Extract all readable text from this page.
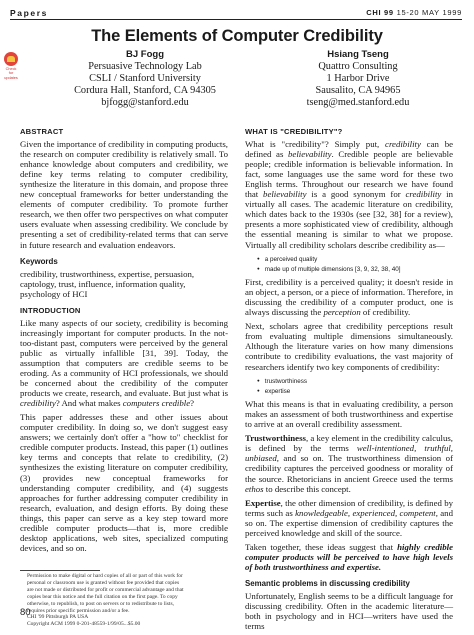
Papers	CHI 99 15-20 MAY 1999
Check for
updates
The Elements of Computer Credibility
BJ Fogg
Persuasive Technology Lab
CSLI / Stanford University
Cordura Hall, Stanford, CA 94305
bjfogg@stanford.edu
Hsiang Tseng
Quattro Consulting
1 Harbor Drive
Sausalito, CA 94965
tseng@med.stanford.edu
ABSTRACT

Given the importance of credibility in computing products, the research on computer credibility is relatively small. To enhance knowledge about computers and credibility, we define key terms relating to computer credibility, synthesize the literature in this domain, and propose three new conceptual frameworks for better understanding the elements of computer credibility. To promote further research, we then offer two perspectives on what computer users evaluate when assessing credibility. We conclude by presenting a set of credibility-related terms that can serve in future research and evaluation endeavors.

Keywords

credibility, trustworthiness, expertise, persuasion, captology, trust, influence, information quality, psychology of HCI

INTRODUCTION

Like many aspects of our society, credibility is becoming increasingly important for computer products. In the not-too-distant past, computers were perceived by the general public as virtually infallible [31, 39]. Today, the assumption that computers are credible seems to be eroding. As a community of HCI professionals, we should be concerned about the credibility of the computer products we create, research, and evaluate. But just what is credibility? And what makes computers credible?

This paper addresses these and other issues about computer credibility. In doing so, we don't suggest easy answers; we certainly don't offer a "how to" checklist for credible computer products. Instead, this paper (1) outlines key terms and concepts that relate to credibility, (2) synthesizes the existing literature on computer credibility, (3) provides new conceptual frameworks for understanding computer credibility, and (4) suggests approaches for further addressing computer credibility in research, evaluation, and design efforts. By doing these things, this paper can serve as a key step toward more credible computer products—that is, more credible desktop applications, web sites, specialized computing devices, and so on.

Permission to make digital or hard copies of all or part of this work for
personal or classroom use is granted without fee provided that copies
are not made or distributed for profit or commercial advantage and that
copies bear this notice and the full citation on the first page. To copy
otherwise, to republish, to post on servers or to redistribute to lists,
requires prior specific permission and/or a fee.
CHI '99 Pittsburgh PA USA
Copyright ACM 1999 0-201-48559-1/99/05...$5.00
80
WHAT IS "CREDIBILITY"?

What is "credibility"? Simply put, credibility can be defined as believability. Credible people are believable people; credible information is believable information. In fact, some languages use the same word for these two English terms. Throughout our research we have found that believability is a good synonym for credibility in virtually all cases. The academic literature on credibility, which dates back to the 1930s (see [32, 38] for a review), presents a more sophisticated view of credibility, although the essential meaning is similar to what we propose. Virtually all credibility scholars describe credibility as—

● a perceived quality
● made up of multiple dimensions [3, 9, 32, 38, 40]

First, credibility is a perceived quality; it doesn't reside in an object, a person, or a piece of information. Therefore, in discussing the credibility of a computer product, one is always discussing the perception of credibility.

Next, scholars agree that credibility perceptions result from evaluating multiple dimensions simultaneously. Although the literature varies on how many dimensions contribute to credibility evaluations, the vast majority of researchers identify two key components of credibility:

● trustworthiness
● expertise

What this means is that in evaluating credibility, a person makes an assessment of both trustworthiness and expertise to arrive at an overall credibility assessment.

Trustworthiness, a key element in the credibility calculus, is defined by the terms well-intentioned, truthful, unbiased, and so on. The trustworthiness dimension of credibility captures the perceived goodness or morality of the source. Rhetoricians in ancient Greece used the terms ethos to describe this concept.

Expertise, the other dimension of credibility, is defined by terms such as knowledgeable, experienced, competent, and so on. The expertise dimension of credibility captures the perceived knowledge and skill of the source.

Taken together, these ideas suggest that highly credible computer products will be perceived to have high levels of both trustworthiness and expertise.

Semantic problems in discussing credibility

Unfortunately, English seems to be a difficult language for discussing credibility. Often in the academic literature—both in psychology and in HCI—writers have used the terms
